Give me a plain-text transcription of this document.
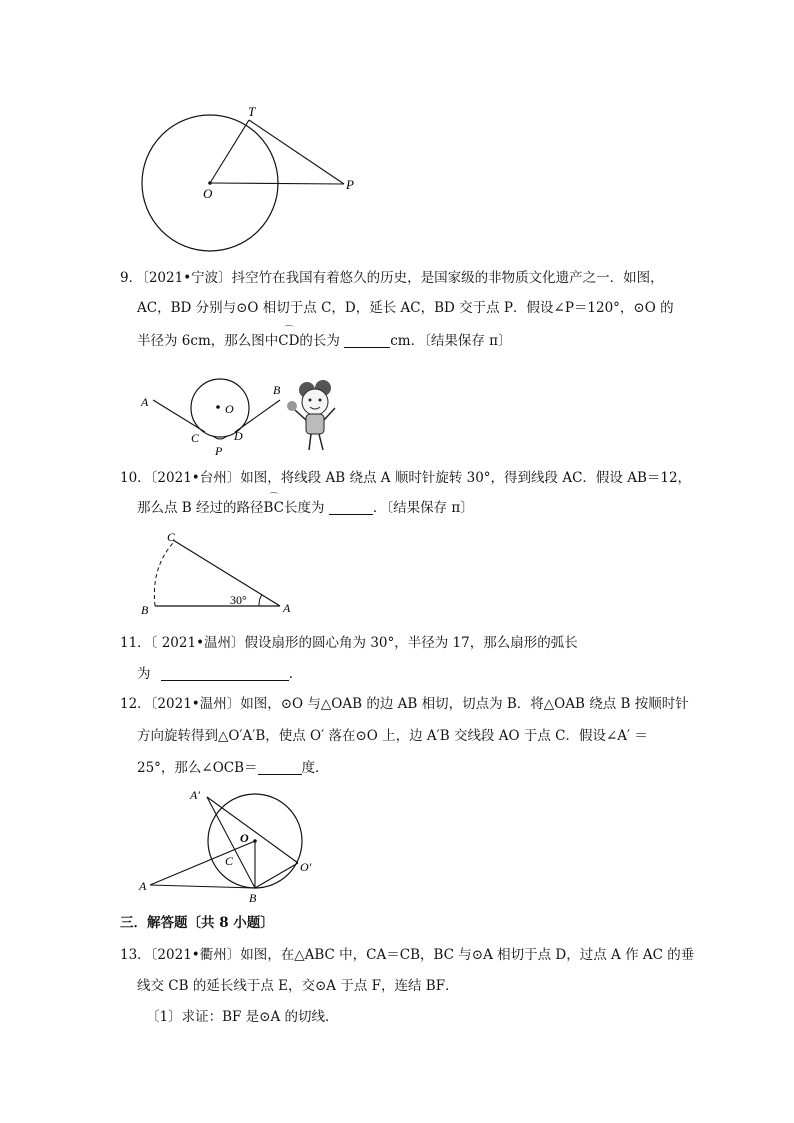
T
O
P
9．〔2021•宁波〕抖空竹在我国有着悠久的历史，是国家级的非物质文化遗产之一．如图，
AC，BD 分别与⊙O 相切于点 C，D，延长 AC，BD 交于点 P．假设∠P＝120°，⊙O 的
半径为 6cm，那么图中⌒ CD的长为	cm．〔结果保存 π〕
A
B
C	D
O
P
10．〔2021•台州〕如图，将线段 AB 绕点 A 顺时针旋转 30°，得到线段 AC．假设 AB＝12，
那么点 B 经过的路径⌒ BC长度为	．〔结果保存 π〕
C
B	A
30°
11．〔 2021•温州〕假设扇形的圆心角为 30°，半径为 17，那么扇形的弧长
为	．
12．〔2021•温州〕如图，⊙O 与△OAB 的边 AB 相切，切点为 B．将△OAB 绕点 B 按顺时针
方向旋转得到△O′A′B，使点 O′ 落在⊙O 上，边 A′B 交线段 AO 于点 C．假设∠A′ ＝
25°，那么∠OCB＝	度．
A′
O
C	O′
A
B
三．解答题〔共 8 小题〕
13．〔2021•衢州〕如图，在△ABC 中，CA＝CB，BC 与⊙A 相切于点 D，过点 A 作 AC 的垂
线交 CB 的延长线于点 E，交⊙A 于点 F，连结 BF．
〔1〕求证：BF 是⊙A 的切线．
